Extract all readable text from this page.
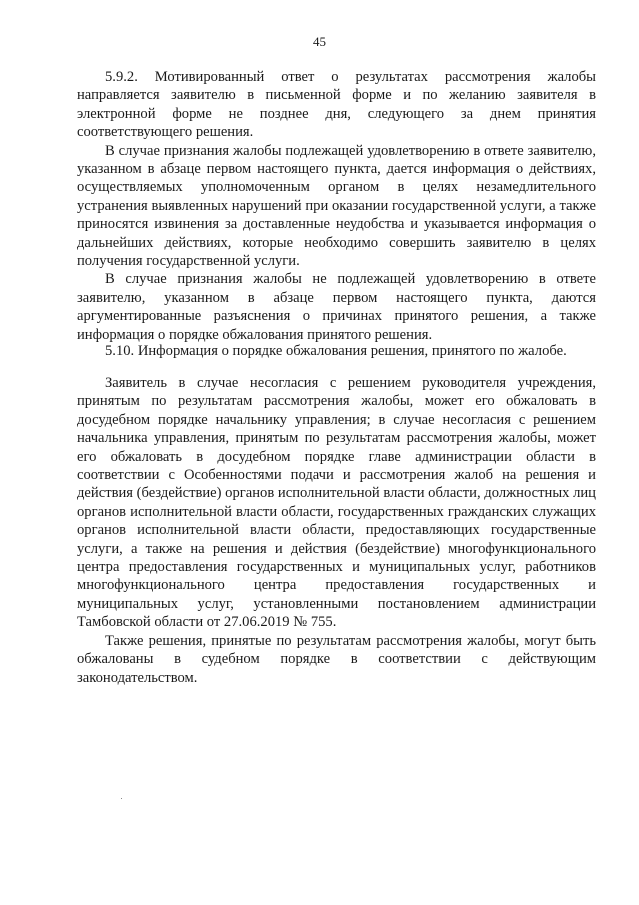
45

5.9.2. Мотивированный ответ о результатах рассмотрения жалобы направляется заявителю в письменной форме и по желанию заявителя в электронной форме не позднее дня, следующего за днем принятия соответствующего решения.

В случае признания жалобы подлежащей удовлетворению в ответе заявителю, указанном в абзаце первом настоящего пункта, дается информация о действиях, осуществляемых уполномоченным органом в целях незамедлительного устранения выявленных нарушений при оказании государственной услуги, а также приносятся извинения за доставленные неудобства и указывается информация о дальнейших действиях, которые необходимо совершить заявителю в целях получения государственной услуги.

В случае признания жалобы не подлежащей удовлетворению в ответе заявителю, указанном в абзаце первом настоящего пункта, даются аргументированные разъяснения о причинах принятого решения, а также информация о порядке обжалования принятого решения.

5.10. Информация о порядке обжалования решения, принятого по жалобе.

Заявитель в случае несогласия с решением руководителя учреждения, принятым по результатам рассмотрения жалобы, может его обжаловать в досудебном порядке начальнику управления; в случае несогласия с решением начальника управления, принятым по результатам рассмотрения жалобы, может его обжаловать в досудебном порядке главе администрации области в соответствии с Особенностями подачи и рассмотрения жалоб на решения и действия (бездействие) органов исполнительной власти области, должностных лиц органов исполнительной власти области, государственных гражданских служащих органов исполнительной власти области, предоставляющих государственные услуги, а также на решения и действия (бездействие) многофункционального центра предоставления государственных и муниципальных услуг, работников многофункционального центра предоставления государственных и муниципальных услуг, установленными постановлением администрации Тамбовской области от 27.06.2019 № 755.

Также решения, принятые по результатам рассмотрения жалобы, могут быть обжалованы в судебном порядке в соответствии с действующим законодательством.
